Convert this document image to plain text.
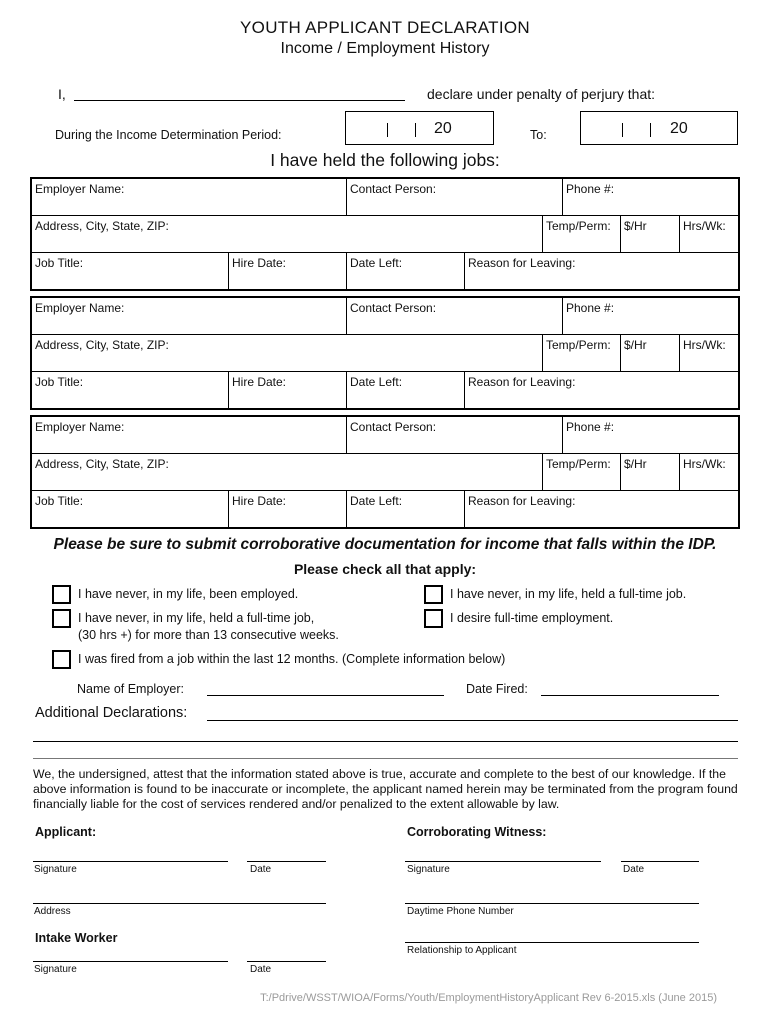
YOUTH APPLICANT DECLARATION
Income / Employment History
I,	declare under penalty of perjury that:
During the Income Determination Period:	20	To:	20
I have held the following jobs:
Employer Name:	Contact Person:	Phone #:
Address, City, State, ZIP:	Temp/Perm:	$/Hr	Hrs/Wk:
Job Title:	Hire Date:	Date Left:	Reason for Leaving:
Employer Name:	Contact Person:	Phone #:
Address, City, State, ZIP:	Temp/Perm:	$/Hr	Hrs/Wk:
Job Title:	Hire Date:	Date Left:	Reason for Leaving:
Employer Name:	Contact Person:	Phone #:
Address, City, State, ZIP:	Temp/Perm:	$/Hr	Hrs/Wk:
Job Title:	Hire Date:	Date Left:	Reason for Leaving:
Please be sure to submit corroborative documentation for income that falls within the IDP.
Please check all that apply:
I have never, in my life, been employed.	I have never, in my life, held a full-time job.
I have never, in my life, held a full-time job,
(30 hrs +) for more than 13 consecutive weeks.
I desire full-time employment.
I was fired from a job within the last 12 months. (Complete information below)
Name of Employer:	Date Fired:
Additional Declarations:
We, the undersigned, attest that the information stated above is true, accurate and complete to the best of our knowledge. If the above information is found to be inaccurate or incomplete, the applicant named herein may be terminated from the program found financially liable for the cost of services rendered and/or penalized to the extent allowable by law.
Applicant:	Corroborating Witness:
Signature	Date	Signature	Date
Address	Daytime Phone Number
Intake Worker
Relationship to Applicant
Signature	Date
T:/Pdrive/WSST/WIOA/Forms/Youth/EmploymentHistoryApplicant Rev 6-2015.xls (June 2015)
